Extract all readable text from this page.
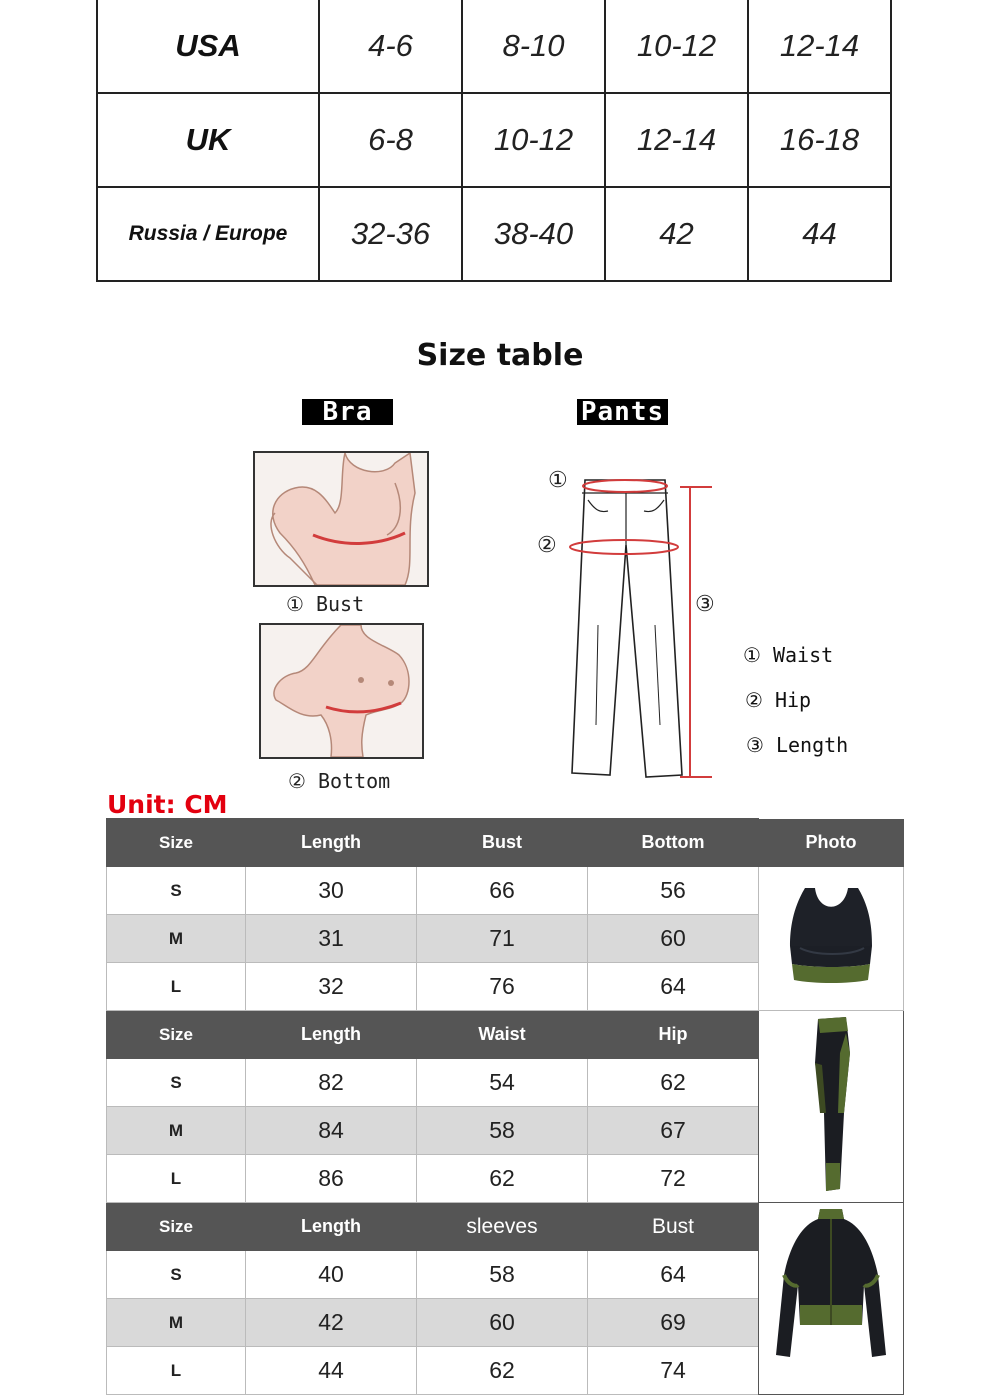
USA	4-6	8-10	10-12	12-14
UK	6-8	10-12	12-14	16-18
Russia / Europe	32-36	38-40	42	44
Size table
Bra	Pants
① Bust
② Bottom
①
②
③
① Waist
② Hip
③ Length
Unit: CM
Size	Length	Bust	Bottom	Photo
S	30	66	56	
M	31	71	60	
L	32	76	64	
Size	Length	Waist	Hip	
S	82	54	62	
M	84	58	67	
L	86	62	72	
Size	Length	sleeves	Bust	
S	40	58	64	
M	42	60	69	
L	44	62	74	
